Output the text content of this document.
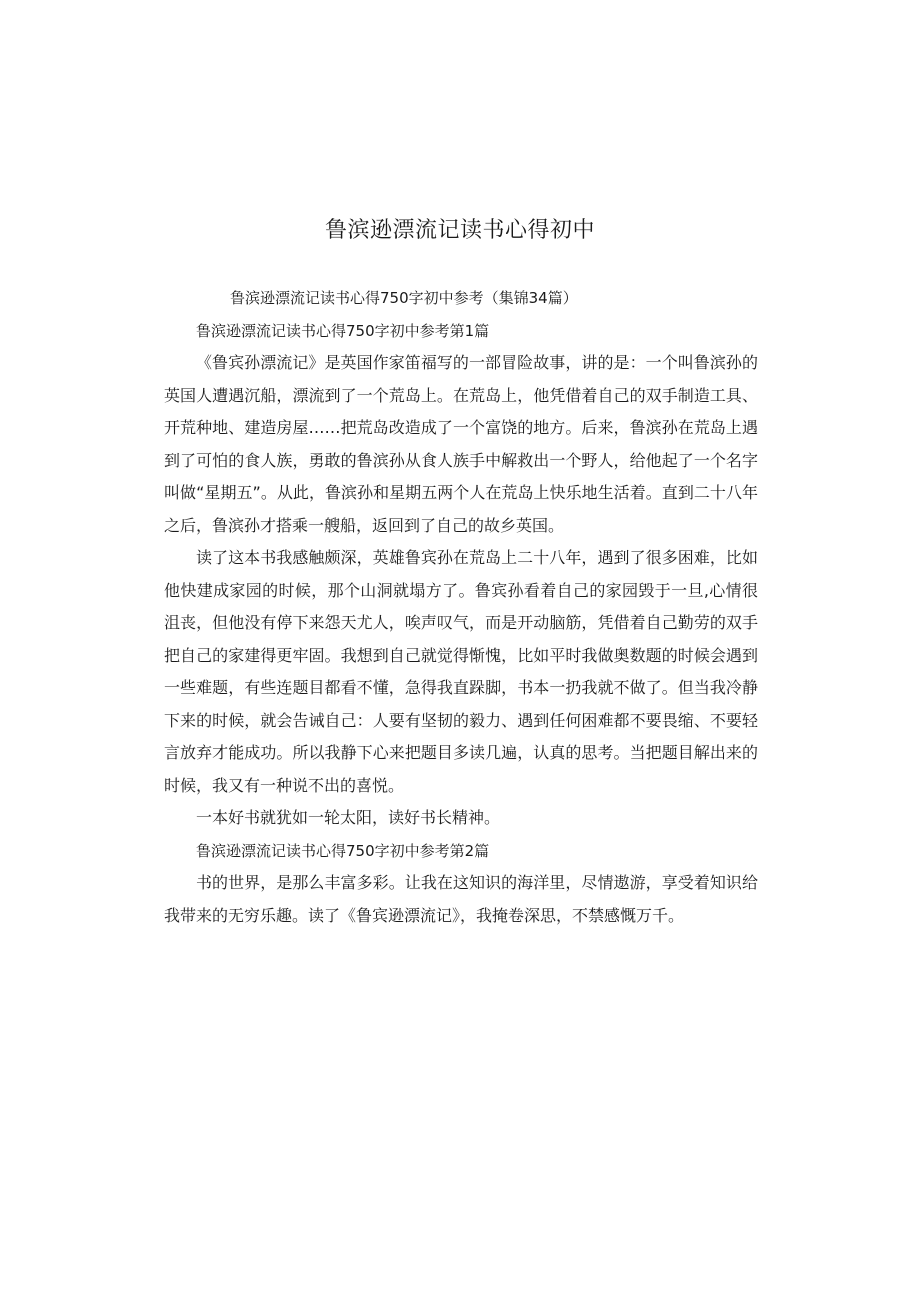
鲁滨逊漂流记读书心得初中

鲁滨逊漂流记读书心得750字初中参考（集锦34篇）

鲁滨逊漂流记读书心得750字初中参考第1篇

《鲁宾孙漂流记》是英国作家笛福写的一部冒险故事，讲的是：一个叫鲁滨孙的英国人遭遇沉船，漂流到了一个荒岛上。在荒岛上，他凭借着自己的双手制造工具、开荒种地、建造房屋……把荒岛改造成了一个富饶的地方。后来，鲁滨孙在荒岛上遇到了可怕的食人族，勇敢的鲁滨孙从食人族手中解救出一个野人，给他起了一个名字叫做“星期五”。从此，鲁滨孙和星期五两个人在荒岛上快乐地生活着。直到二十八年之后，鲁滨孙才搭乘一艘船，返回到了自己的故乡英国。

读了这本书我感触颇深，英雄鲁宾孙在荒岛上二十八年，遇到了很多困难，比如他快建成家园的时候，那个山洞就塌方了。鲁宾孙看着自己的家园毁于一旦,心情很沮丧，但他没有停下来怨天尤人，唉声叹气，而是开动脑筋，凭借着自己勤劳的双手把自己的家建得更牢固。我想到自己就觉得惭愧，比如平时我做奥数题的时候会遇到一些难题，有些连题目都看不懂，急得我直跺脚，书本一扔我就不做了。但当我冷静下来的时候，就会告诫自己：人要有坚韧的毅力、遇到任何困难都不要畏缩、不要轻言放弃才能成功。所以我静下心来把题目多读几遍，认真的思考。当把题目解出来的时候，我又有一种说不出的喜悦。

一本好书就犹如一轮太阳，读好书长精神。

鲁滨逊漂流记读书心得750字初中参考第2篇

书的世界，是那么丰富多彩。让我在这知识的海洋里，尽情遨游，享受着知识给我带来的无穷乐趣。读了《鲁宾逊漂流记》，我掩卷深思，不禁感慨万千。
